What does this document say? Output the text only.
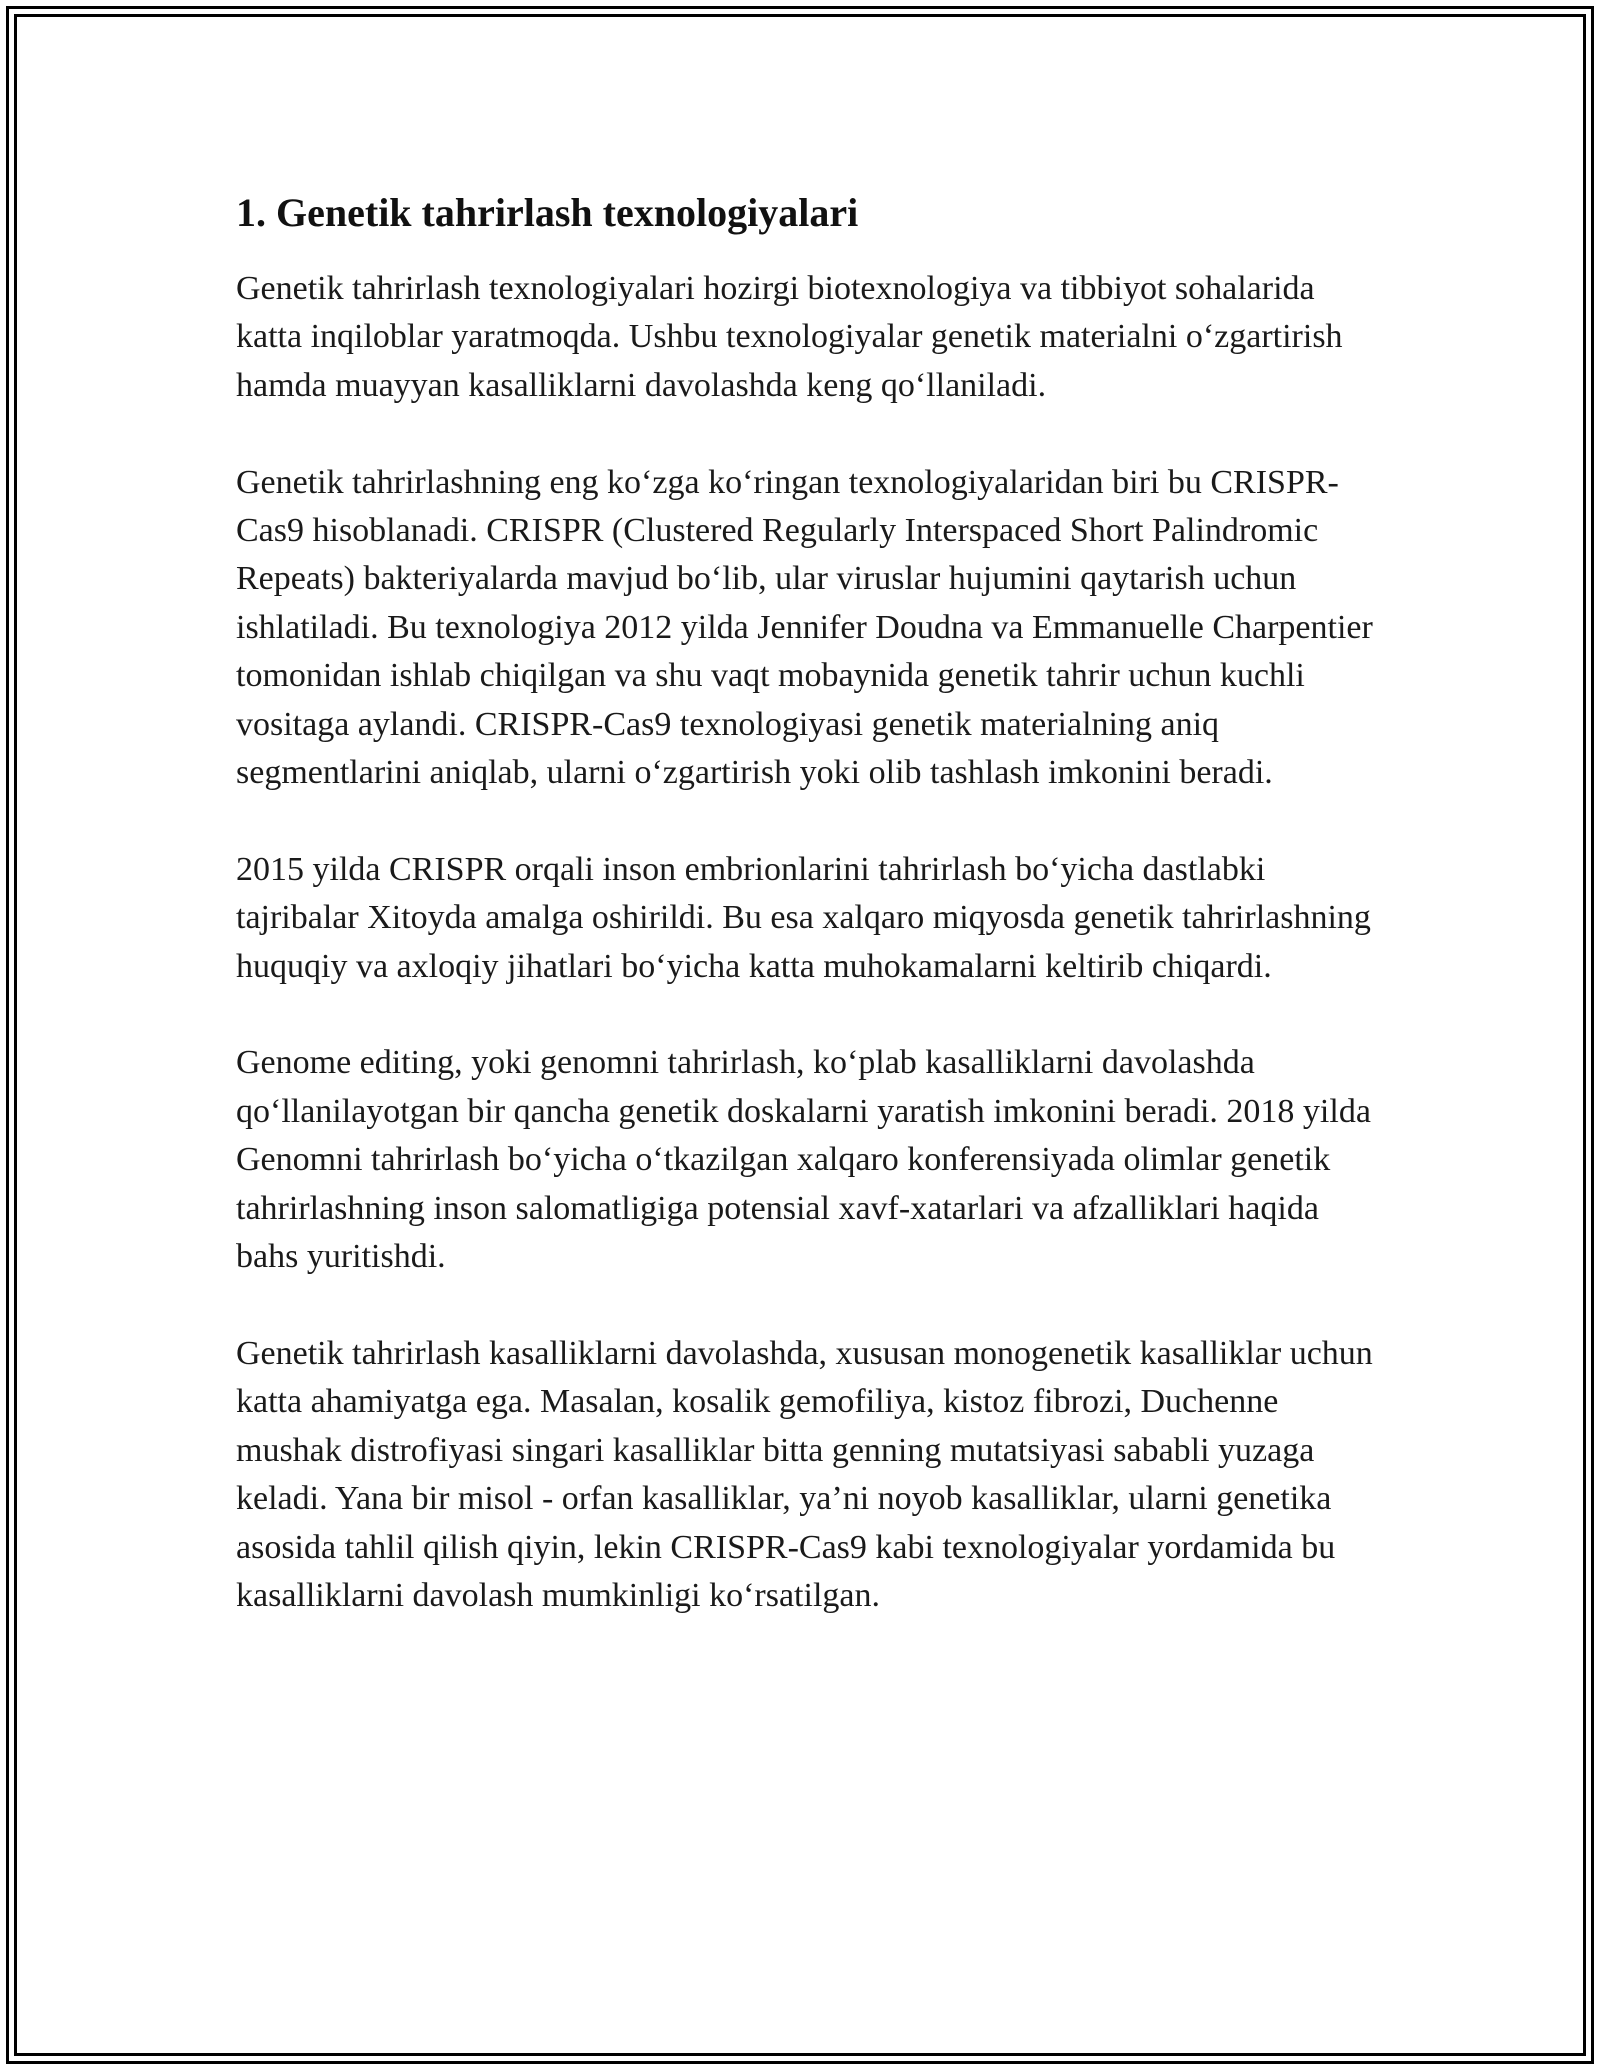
1. Genetik tahrirlash texnologiyalari

Genetik tahrirlash texnologiyalari hozirgi biotexnologiya va tibbiyot sohalarida katta inqiloblar yaratmoqda. Ushbu texnologiyalar genetik materialni oʻzgartirish hamda muayyan kasalliklarni davolashda keng qoʻllaniladi.

Genetik tahrirlashning eng koʻzga koʻringan texnologiyalaridan biri bu CRISPR-Cas9 hisoblanadi. CRISPR (Clustered Regularly Interspaced Short Palindromic Repeats) bakteriyalarda mavjud boʻlib, ular viruslar hujumini qaytarish uchun ishlatiladi. Bu texnologiya 2012 yilda Jennifer Doudna va Emmanuelle Charpentier tomonidan ishlab chiqilgan va shu vaqt mobaynida genetik tahrir uchun kuchli vositaga aylandi. CRISPR-Cas9 texnologiyasi genetik materialning aniq segmentlarini aniqlab, ularni oʻzgartirish yoki olib tashlash imkonini beradi.

2015 yilda CRISPR orqali inson embrionlarini tahrirlash boʻyicha dastlabki tajribalar Xitoyda amalga oshirildi. Bu esa xalqaro miqyosda genetik tahrirlashning huquqiy va axloqiy jihatlari boʻyicha katta muhokamalarni keltirib chiqardi.

Genome editing, yoki genomni tahrirlash, koʻplab kasalliklarni davolashda qoʻllanilayotgan bir qancha genetik doskalarni yaratish imkonini beradi. 2018 yilda Genomni tahrirlash boʻyicha oʻtkazilgan xalqaro konferensiyada olimlar genetik tahrirlashning inson salomatligiga potensial xavf-xatarlari va afzalliklari haqida bahs yuritishdi.

Genetik tahrirlash kasalliklarni davolashda, xususan monogenetik kasalliklar uchun katta ahamiyatga ega. Masalan, kosalik gemofiliya, kistoz fibrozi, Duchenne mushak distrofiyasi singari kasalliklar bitta genning mutatsiyasi sababli yuzaga keladi. Yana bir misol - orfan kasalliklar, ya’ni noyob kasalliklar, ularni genetika asosida tahlil qilish qiyin, lekin CRISPR-Cas9 kabi texnologiyalar yordamida bu kasalliklarni davolash mumkinligi koʻrsatilgan.
